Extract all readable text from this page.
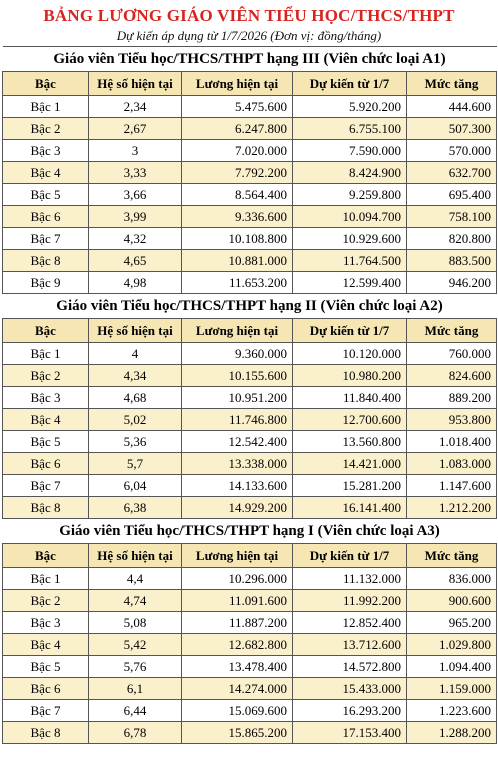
BẢNG LƯƠNG GIÁO VIÊN TIỂU HỌC/THCS/THPT
Dự kiến áp dụng từ 1/7/2026 (Đơn vị: đồng/tháng)
Giáo viên Tiểu học/THCS/THPT hạng III (Viên chức loại A1)				
Bậc	Hệ số hiện tại	Lương hiện tại	Dự kiến từ 1/7	Mức tăng
Bậc 1	2,34	5.475.600	5.920.200	444.600
Bậc 2	2,67	6.247.800	6.755.100	507.300
Bậc 3	3	7.020.000	7.590.000	570.000
Bậc 4	3,33	7.792.200	8.424.900	632.700
Bậc 5	3,66	8.564.400	9.259.800	695.400
Bậc 6	3,99	9.336.600	10.094.700	758.100
Bậc 7	4,32	10.108.800	10.929.600	820.800
Bậc 8	4,65	10.881.000	11.764.500	883.500
Bậc 9	4,98	11.653.200	12.599.400	946.200
Giáo viên Tiểu học/THCS/THPT hạng II (Viên chức loại A2)				
Bậc	Hệ số hiện tại	Lương hiện tại	Dự kiến từ 1/7	Mức tăng
Bậc 1	4	9.360.000	10.120.000	760.000
Bậc 2	4,34	10.155.600	10.980.200	824.600
Bậc 3	4,68	10.951.200	11.840.400	889.200
Bậc 4	5,02	11.746.800	12.700.600	953.800
Bậc 5	5,36	12.542.400	13.560.800	1.018.400
Bậc 6	5,7	13.338.000	14.421.000	1.083.000
Bậc 7	6,04	14.133.600	15.281.200	1.147.600
Bậc 8	6,38	14.929.200	16.141.400	1.212.200
Giáo viên Tiểu học/THCS/THPT hạng I (Viên chức loại A3)				
Bậc	Hệ số hiện tại	Lương hiện tại	Dự kiến từ 1/7	Mức tăng
Bậc 1	4,4	10.296.000	11.132.000	836.000
Bậc 2	4,74	11.091.600	11.992.200	900.600
Bậc 3	5,08	11.887.200	12.852.400	965.200
Bậc 4	5,42	12.682.800	13.712.600	1.029.800
Bậc 5	5,76	13.478.400	14.572.800	1.094.400
Bậc 6	6,1	14.274.000	15.433.000	1.159.000
Bậc 7	6,44	15.069.600	16.293.200	1.223.600
Bậc 8	6,78	15.865.200	17.153.400	1.288.200
